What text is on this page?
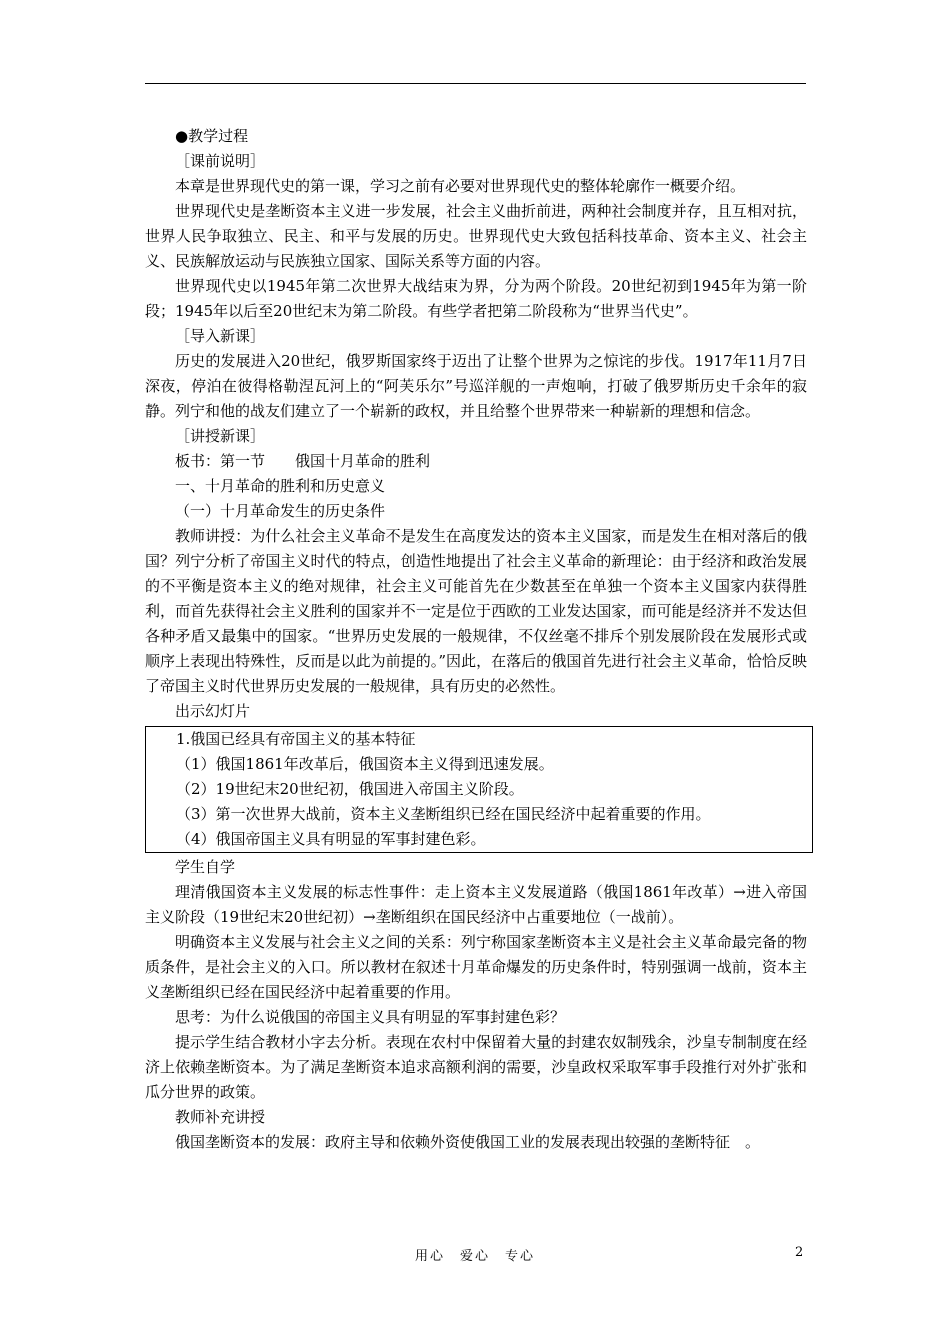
●教学过程

［课前说明］

本章是世界现代史的第一课，学习之前有必要对世界现代史的整体轮廓作一概要介绍。

世界现代史是垄断资本主义进一步发展，社会主义曲折前进，两种社会制度并存，且互相对抗，世界人民争取独立、民主、和平与发展的历史。世界现代史大致包括科技革命、资本主义、社会主义、民族解放运动与民族独立国家、国际关系等方面的内容。

世界现代史以1945年第二次世界大战结束为界，分为两个阶段。20世纪初到1945年为第一阶段；1945年以后至20世纪末为第二阶段。有些学者把第二阶段称为“世界当代史”。

［导入新课］

历史的发展进入20世纪，俄罗斯国家终于迈出了让整个世界为之惊诧的步伐。1917年11月7日深夜，停泊在彼得格勒涅瓦河上的“阿芙乐尔”号巡洋舰的一声炮响，打破了俄罗斯历史千余年的寂静。列宁和他的战友们建立了一个崭新的政权，并且给整个世界带来一种崭新的理想和信念。

［讲授新课］

板书：第一节　　俄国十月革命的胜利

一、十月革命的胜利和历史意义

（一）十月革命发生的历史条件

教师讲授：为什么社会主义革命不是发生在高度发达的资本主义国家，而是发生在相对落后的俄国？列宁分析了帝国主义时代的特点，创造性地提出了社会主义革命的新理论：由于经济和政治发展的不平衡是资本主义的绝对规律，社会主义可能首先在少数甚至在单独一个资本主义国家内获得胜利，而首先获得社会主义胜利的国家并不一定是位于西欧的工业发达国家，而可能是经济并不发达但各种矛盾又最集中的国家。“世界历史发展的一般规律，不仅丝毫不排斥个别发展阶段在发展形式或顺序上表现出特殊性，反而是以此为前提的。”因此，在落后的俄国首先进行社会主义革命，恰恰反映了帝国主义时代世界历史发展的一般规律，具有历史的必然性。

出示幻灯片

1.俄国已经具有帝国主义的基本特征

（1）俄国1861年改革后，俄国资本主义得到迅速发展。

（2）19世纪末20世纪初，俄国进入帝国主义阶段。

（3）第一次世界大战前，资本主义垄断组织已经在国民经济中起着重要的作用。

（4）俄国帝国主义具有明显的军事封建色彩。

学生自学

理清俄国资本主义发展的标志性事件：走上资本主义发展道路（俄国1861年改革）→进入帝国主义阶段（19世纪末20世纪初）→垄断组织在国民经济中占重要地位（一战前）。

明确资本主义发展与社会主义之间的关系：列宁称国家垄断资本主义是社会主义革命最完备的物质条件，是社会主义的入口。所以教材在叙述十月革命爆发的历史条件时，特别强调一战前，资本主义垄断组织已经在国民经济中起着重要的作用。

思考：为什么说俄国的帝国主义具有明显的军事封建色彩？

提示学生结合教材小字去分析。表现在农村中保留着大量的封建农奴制残余，沙皇专制制度在经济上依赖垄断资本。为了满足垄断资本追求高额利润的需要，沙皇政权采取军事手段推行对外扩张和瓜分世界的政策。

教师补充讲授

俄国垄断资本的发展：政府主导和依赖外资使俄国工业的发展表现出较强的垄断特征　。

用心　爱心　专心	2
